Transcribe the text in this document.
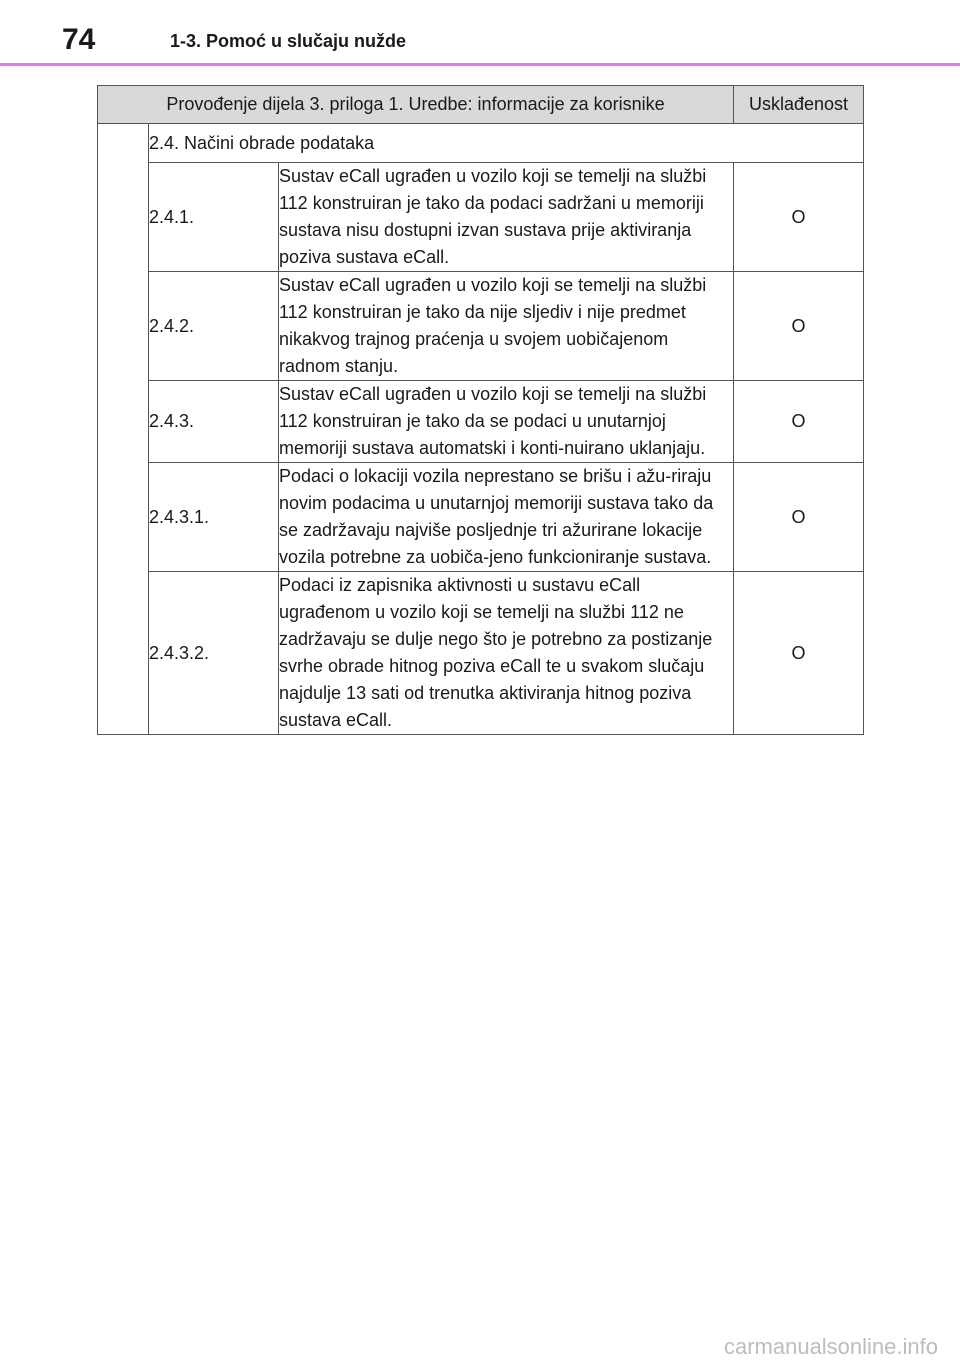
74	1-3. Pomoć u slučaju nužde
Provođenje dijela 3. priloga 1. Uredbe: informacije za korisnike			Usklađenost
	2.4. Načini obrade podataka		
	2.4.1.	Sustav eCall ugrađen u vozilo koji se temelji na službi 112 konstruiran je tako da podaci sadržani u memoriji sustava nisu dostupni izvan sustava prije aktiviranja poziva sustava eCall.	O
	2.4.2.	Sustav eCall ugrađen u vozilo koji se temelji na službi 112 konstruiran je tako da nije sljediv i nije predmet nikakvog trajnog praćenja u svojem uobičajenom radnom stanju.	O
	2.4.3.	Sustav eCall ugrađen u vozilo koji se temelji na službi 112 konstruiran je tako da se podaci u unutarnjoj memoriji sustava automatski i konti-nuirano uklanjaju.	O
	2.4.3.1.	Podaci o lokaciji vozila neprestano se brišu i ažu-riraju novim podacima u unutarnjoj memoriji sustava tako da se zadržavaju najviše posljednje tri ažurirane lokacije vozila potrebne za uobiča-jeno funkcioniranje sustava.	O
	2.4.3.2.	Podaci iz zapisnika aktivnosti u sustavu eCall ugrađenom u vozilo koji se temelji na službi 112 ne zadržavaju se dulje nego što je potrebno za postizanje svrhe obrade hitnog poziva eCall te u svakom slučaju najdulje 13 sati od trenutka aktiviranja hitnog poziva sustava eCall.	O
carmanualsonline.info
